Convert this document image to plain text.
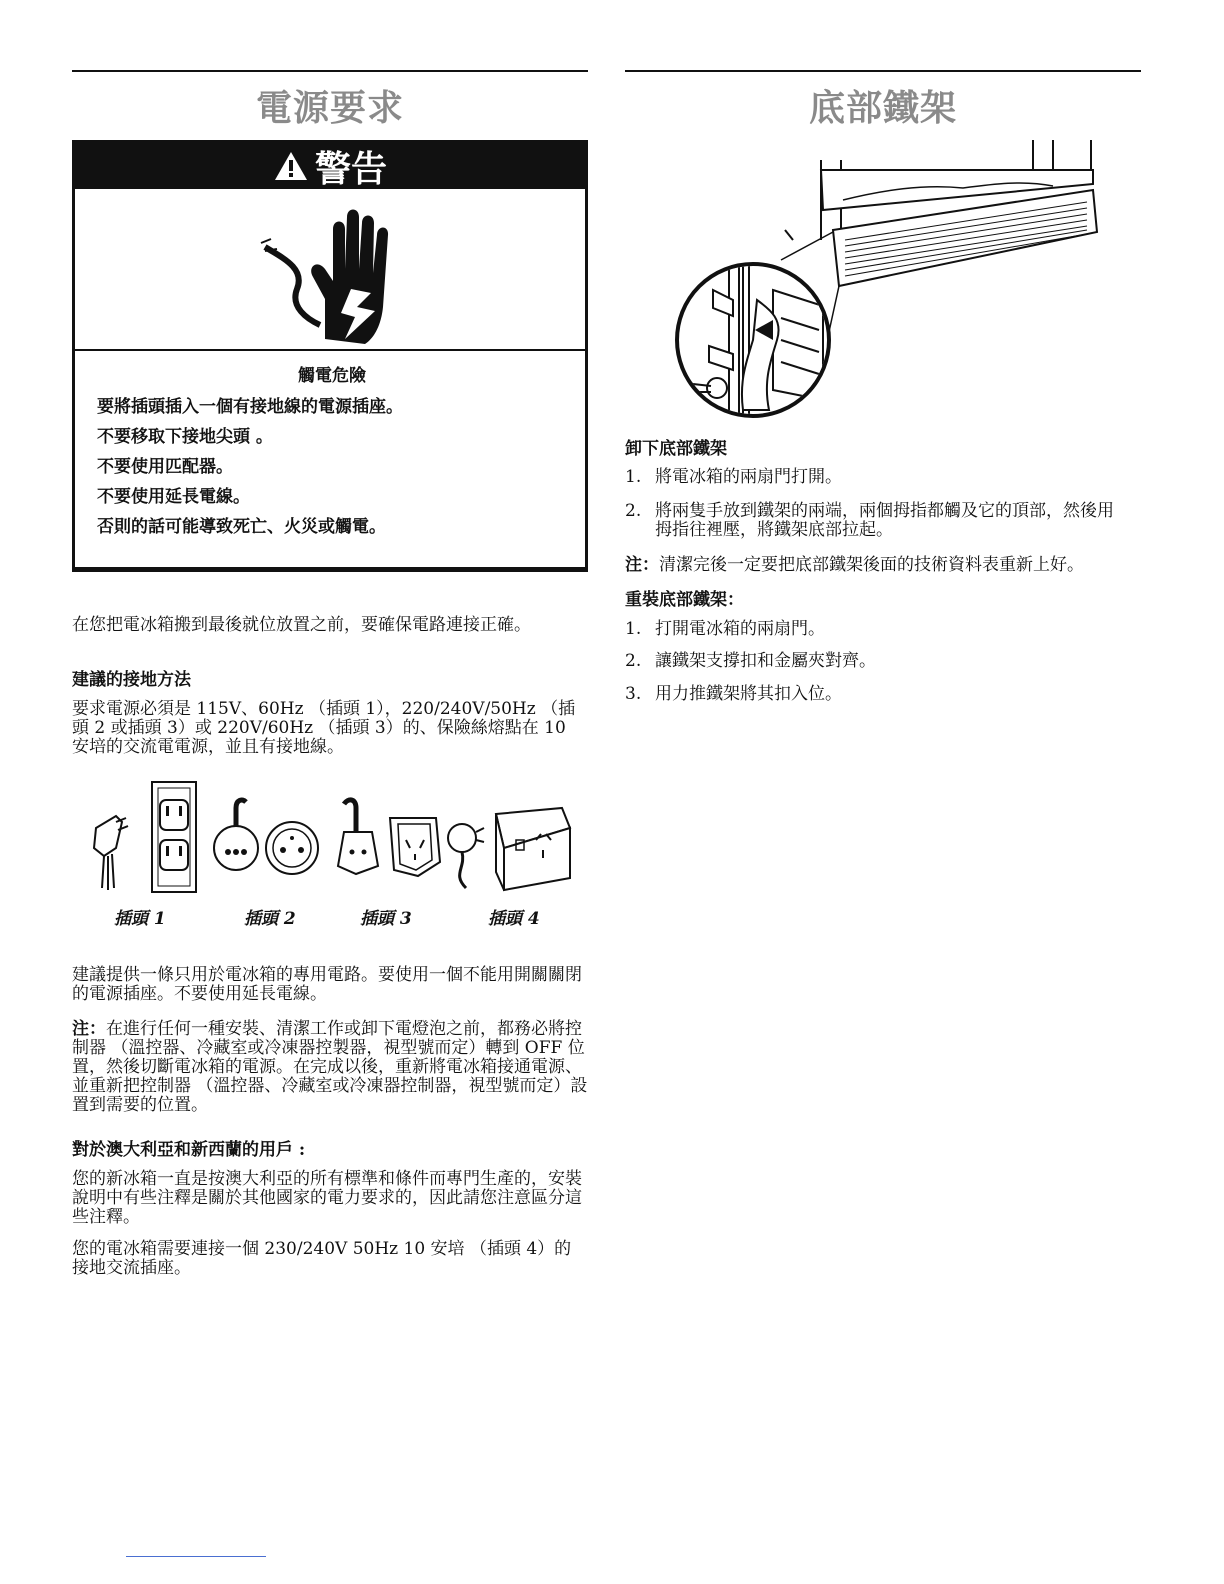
電源要求
警告
觸電危險
要將插頭插入一個有接地線的電源插座。
不要移取下接地尖頭 。
不要使用匹配器。
不要使用延長電線。
否則的話可能導致死亡、火災或觸電。

在您把電冰箱搬到最後就位放置之前，要確保電路連接正確。

建議的接地方法

要求電源必須是 115V、60Hz （插頭 1），220/240V/50Hz （插頭 2 或插頭 3）或 220V/60Hz （插頭 3）的、保險絲熔點在 10 安培的交流電電源，並且有接地線。

插頭 1	插頭 2	插頭 3	插頭 4

建議提供一條只用於電冰箱的專用電路。要使用一個不能用開關關閉的電源插座。不要使用延長電線。

注：在進行任何一種安裝、清潔工作或卸下電燈泡之前，都務必將控制器 （溫控器、冷藏室或冷凍器控製器，視型號而定）轉到 OFF 位置，然後切斷電冰箱的電源。在完成以後，重新將電冰箱接通電源、並重新把控制器 （溫控器、冷藏室或冷凍器控制器，視型號而定）設置到需要的位置。

對於澳大利亞和新西蘭的用戶 :

您的新冰箱一直是按澳大利亞的所有標準和條件而專門生產的，安裝說明中有些注釋是關於其他國家的電力要求的，因此請您注意區分這些注釋。

您的電冰箱需要連接一個 230/240V 50Hz 10 安培 （插頭 4）的接地交流插座。

底部鐵架

卸下底部鐵架

1. 將電冰箱的兩扇門打開。
2. 將兩隻手放到鐵架的兩端，兩個拇指都觸及它的頂部，然後用拇指往裡壓，將鐵架底部拉起。

注：清潔完後一定要把底部鐵架後面的技術資料表重新上好。

重裝底部鐵架：

1. 打開電冰箱的兩扇門。
2. 讓鐵架支撐扣和金屬夾對齊。
3. 用力推鐵架將其扣入位。
